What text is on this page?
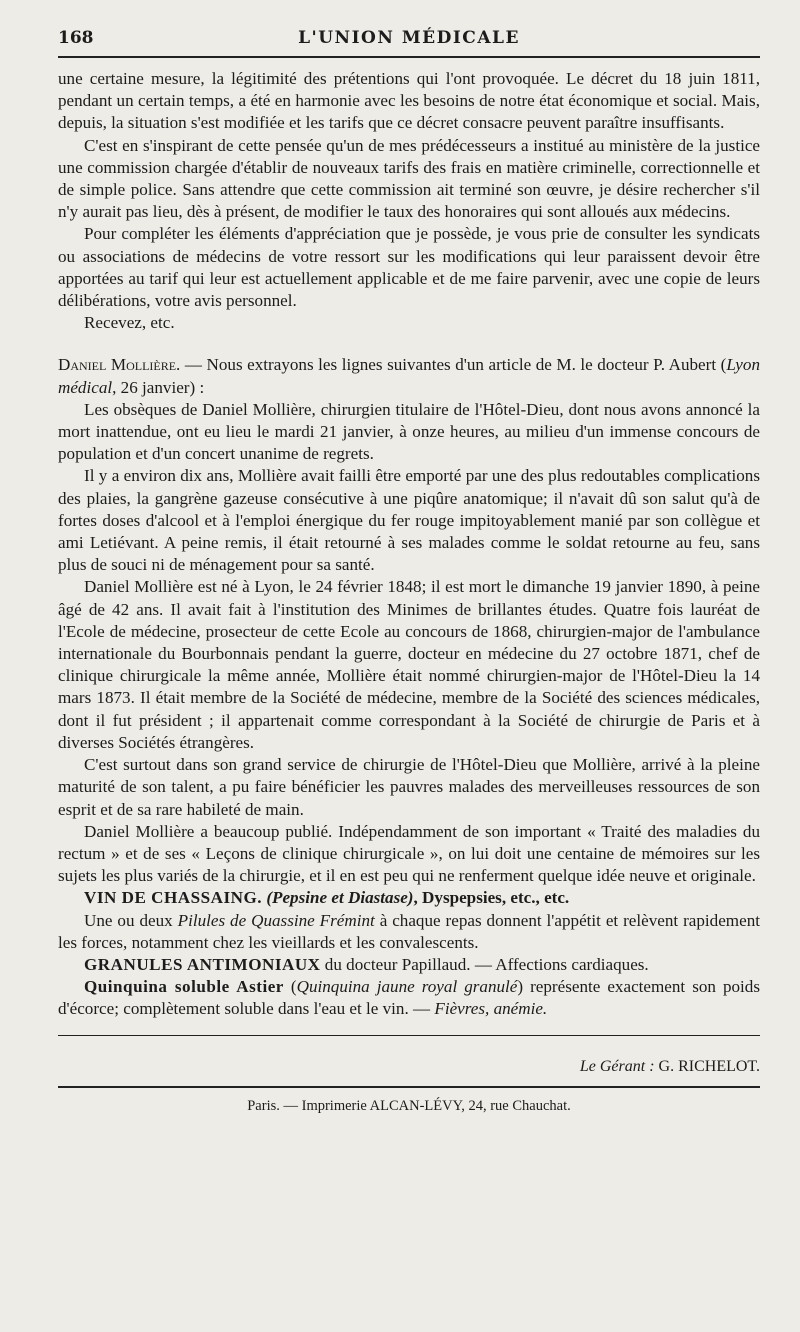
168	L'UNION MÉDICALE

une certaine mesure, la légitimité des prétentions qui l'ont provoquée. Le décret du 18 juin 1811, pendant un certain temps, a été en harmonie avec les besoins de notre état économique et social. Mais, depuis, la situation s'est modifiée et les tarifs que ce décret consacre peuvent paraître insuffisants.

C'est en s'inspirant de cette pensée qu'un de mes prédécesseurs a institué au ministère de la justice une commission chargée d'établir de nouveaux tarifs des frais en matière criminelle, correctionnelle et de simple police. Sans attendre que cette commission ait terminé son œuvre, je désire rechercher s'il n'y aurait pas lieu, dès à présent, de modifier le taux des honoraires qui sont alloués aux médecins.

Pour compléter les éléments d'appréciation que je possède, je vous prie de consulter les syndicats ou associations de médecins de votre ressort sur les modifications qui leur paraissent devoir être apportées au tarif qui leur est actuellement applicable et de me faire parvenir, avec une copie de leurs délibérations, votre avis personnel.

Recevez, etc.

Daniel Mollière. — Nous extrayons les lignes suivantes d'un article de M. le docteur P. Aubert (Lyon médical, 26 janvier) :

Les obsèques de Daniel Mollière, chirurgien titulaire de l'Hôtel-Dieu, dont nous avons annoncé la mort inattendue, ont eu lieu le mardi 21 janvier, à onze heures, au milieu d'un immense concours de population et d'un concert unanime de regrets.

Il y a environ dix ans, Mollière avait failli être emporté par une des plus redoutables complications des plaies, la gangrène gazeuse consécutive à une piqûre anatomique; il n'avait dû son salut qu'à de fortes doses d'alcool et à l'emploi énergique du fer rouge impitoyablement manié par son collègue et ami Letiévant. A peine remis, il était retourné à ses malades comme le soldat retourne au feu, sans plus de souci ni de ménagement pour sa santé.

Daniel Mollière est né à Lyon, le 24 février 1848; il est mort le dimanche 19 janvier 1890, à peine âgé de 42 ans. Il avait fait à l'institution des Minimes de brillantes études. Quatre fois lauréat de l'Ecole de médecine, prosecteur de cette Ecole au concours de 1868, chirurgien-major de l'ambulance internationale du Bourbonnais pendant la guerre, docteur en médecine du 27 octobre 1871, chef de clinique chirurgicale la même année, Mollière était nommé chirurgien-major de l'Hôtel-Dieu la 14 mars 1873. Il était membre de la Société de médecine, membre de la Société des sciences médicales, dont il fut président ; il appartenait comme correspondant à la Société de chirurgie de Paris et à diverses Sociétés étrangères.

C'est surtout dans son grand service de chirurgie de l'Hôtel-Dieu que Mollière, arrivé à la pleine maturité de son talent, a pu faire bénéficier les pauvres malades des merveilleuses ressources de son esprit et de sa rare habileté de main.

Daniel Mollière a beaucoup publié. Indépendamment de son important « Traité des maladies du rectum » et de ses « Leçons de clinique chirurgicale », on lui doit une centaine de mémoires sur les sujets les plus variés de la chirurgie, et il en est peu qui ne renferment quelque idée neuve et originale.

VIN DE CHASSAING. (Pepsine et Diastase), Dyspepsies, etc., etc.

Une ou deux Pilules de Quassine Frémint à chaque repas donnent l'appétit et relèvent rapidement les forces, notamment chez les vieillards et les convalescents.

GRANULES ANTIMONIAUX du docteur Papillaud. — Affections cardiaques.

Quinquina soluble Astier (Quinquina jaune royal granulé) représente exactement son poids d'écorce; complètement soluble dans l'eau et le vin. — Fièvres, anémie.

Le Gérant : G. RICHELOT.
Paris. — Imprimerie ALCAN-LÉVY, 24, rue Chauchat.
